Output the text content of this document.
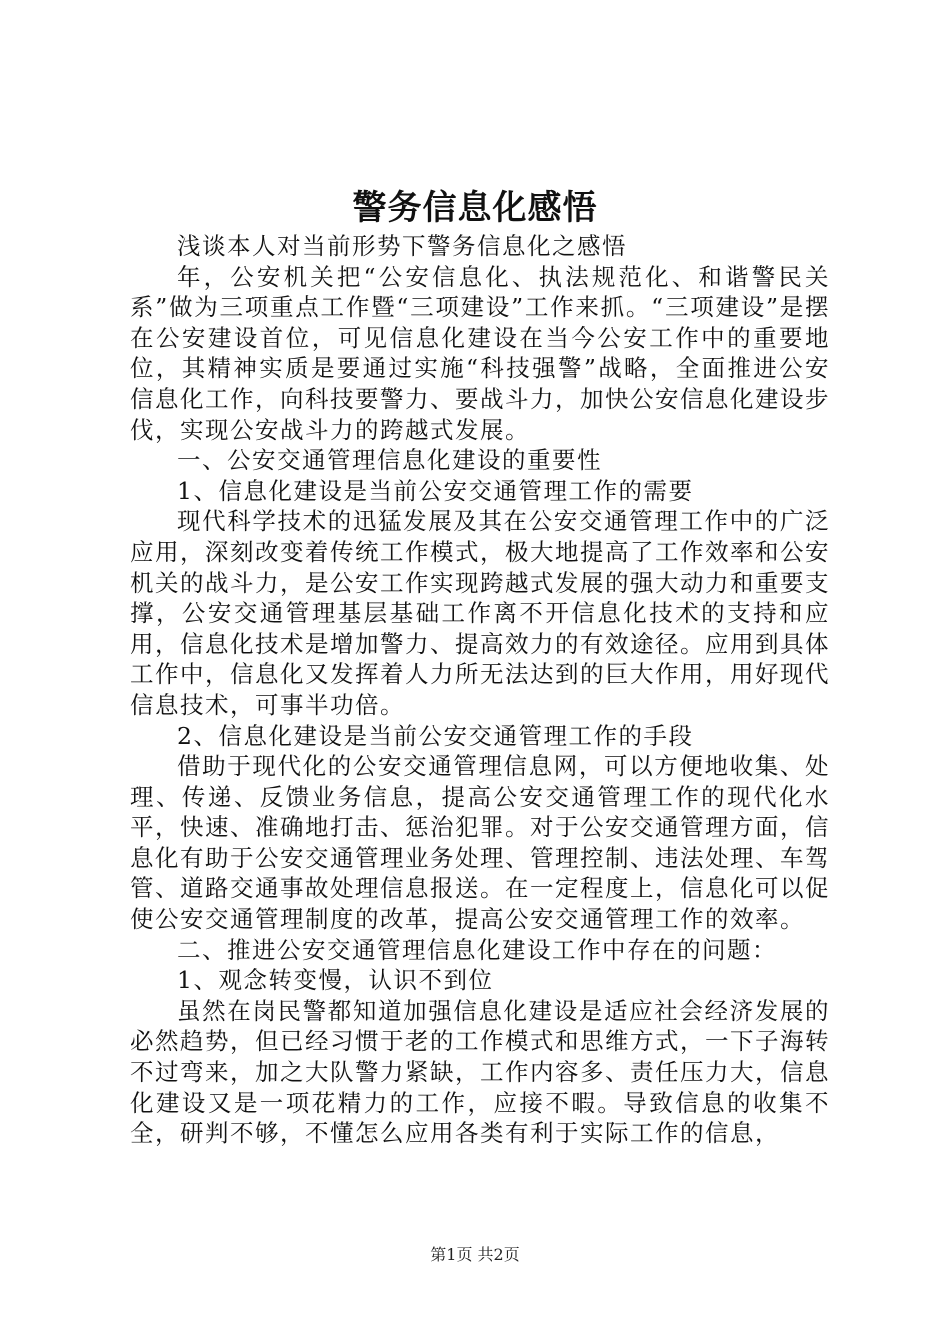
警务信息化感悟

浅谈本人对当前形势下警务信息化之感悟

年，公安机关把“公安信息化、执法规范化、和谐警民关系”做为三项重点工作暨“三项建设”工作来抓。“三项建设”是摆在公安建设首位，可见信息化建设在当今公安工作中的重要地位，其精神实质是要通过实施“科技强警”战略，全面推进公安信息化工作，向科技要警力、要战斗力，加快公安信息化建设步伐，实现公安战斗力的跨越式发展。

一、公安交通管理信息化建设的重要性

1、信息化建设是当前公安交通管理工作的需要

现代科学技术的迅猛发展及其在公安交通管理工作中的广泛应用，深刻改变着传统工作模式，极大地提高了工作效率和公安机关的战斗力，是公安工作实现跨越式发展的强大动力和重要支撑，公安交通管理基层基础工作离不开信息化技术的支持和应用，信息化技术是增加警力、提高效力的有效途径。应用到具体工作中，信息化又发挥着人力所无法达到的巨大作用，用好现代信息技术，可事半功倍。

2、信息化建设是当前公安交通管理工作的手段

借助于现代化的公安交通管理信息网，可以方便地收集、处理、传递、反馈业务信息，提高公安交通管理工作的现代化水平，快速、准确地打击、惩治犯罪。对于公安交通管理方面，信息化有助于公安交通管理业务处理、管理控制、违法处理、车驾管、道路交通事故处理信息报送。在一定程度上，信息化可以促使公安交通管理制度的改革，提高公安交通管理工作的效率。

二、推进公安交通管理信息化建设工作中存在的问题：

1、观念转变慢，认识不到位

虽然在岗民警都知道加强信息化建设是适应社会经济发展的必然趋势，但已经习惯于老的工作模式和思维方式，一下子海转不过弯来，加之大队警力紧缺，工作内容多、责任压力大，信息化建设又是一项花精力的工作，应接不暇。导致信息的收集不全，研判不够，不懂怎么应用各类有利于实际工作的信息，

第1页 共2页
